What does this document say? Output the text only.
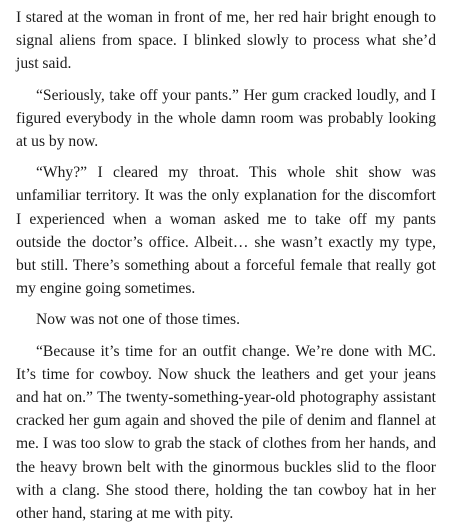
I stared at the woman in front of me, her red hair bright enough to signal aliens from space. I blinked slowly to process what she’d just said.

“Seriously, take off your pants.” Her gum cracked loudly, and I figured everybody in the whole damn room was probably looking at us by now.

“Why?” I cleared my throat. This whole shit show was unfamiliar territory. It was the only explanation for the discomfort I experienced when a woman asked me to take off my pants outside the doctor’s office. Albeit… she wasn’t exactly my type, but still. There’s something about a forceful female that really got my engine going sometimes.

Now was not one of those times.

“Because it’s time for an outfit change. We’re done with MC. It’s time for cowboy. Now shuck the leathers and get your jeans and hat on.” The twenty-something-year-old photography assistant cracked her gum again and shoved the pile of denim and flannel at me. I was too slow to grab the stack of clothes from her hands, and the heavy brown belt with the ginormous buckles slid to the floor with a clang. She stood there, holding the tan cowboy hat in her other hand, staring at me with pity.
